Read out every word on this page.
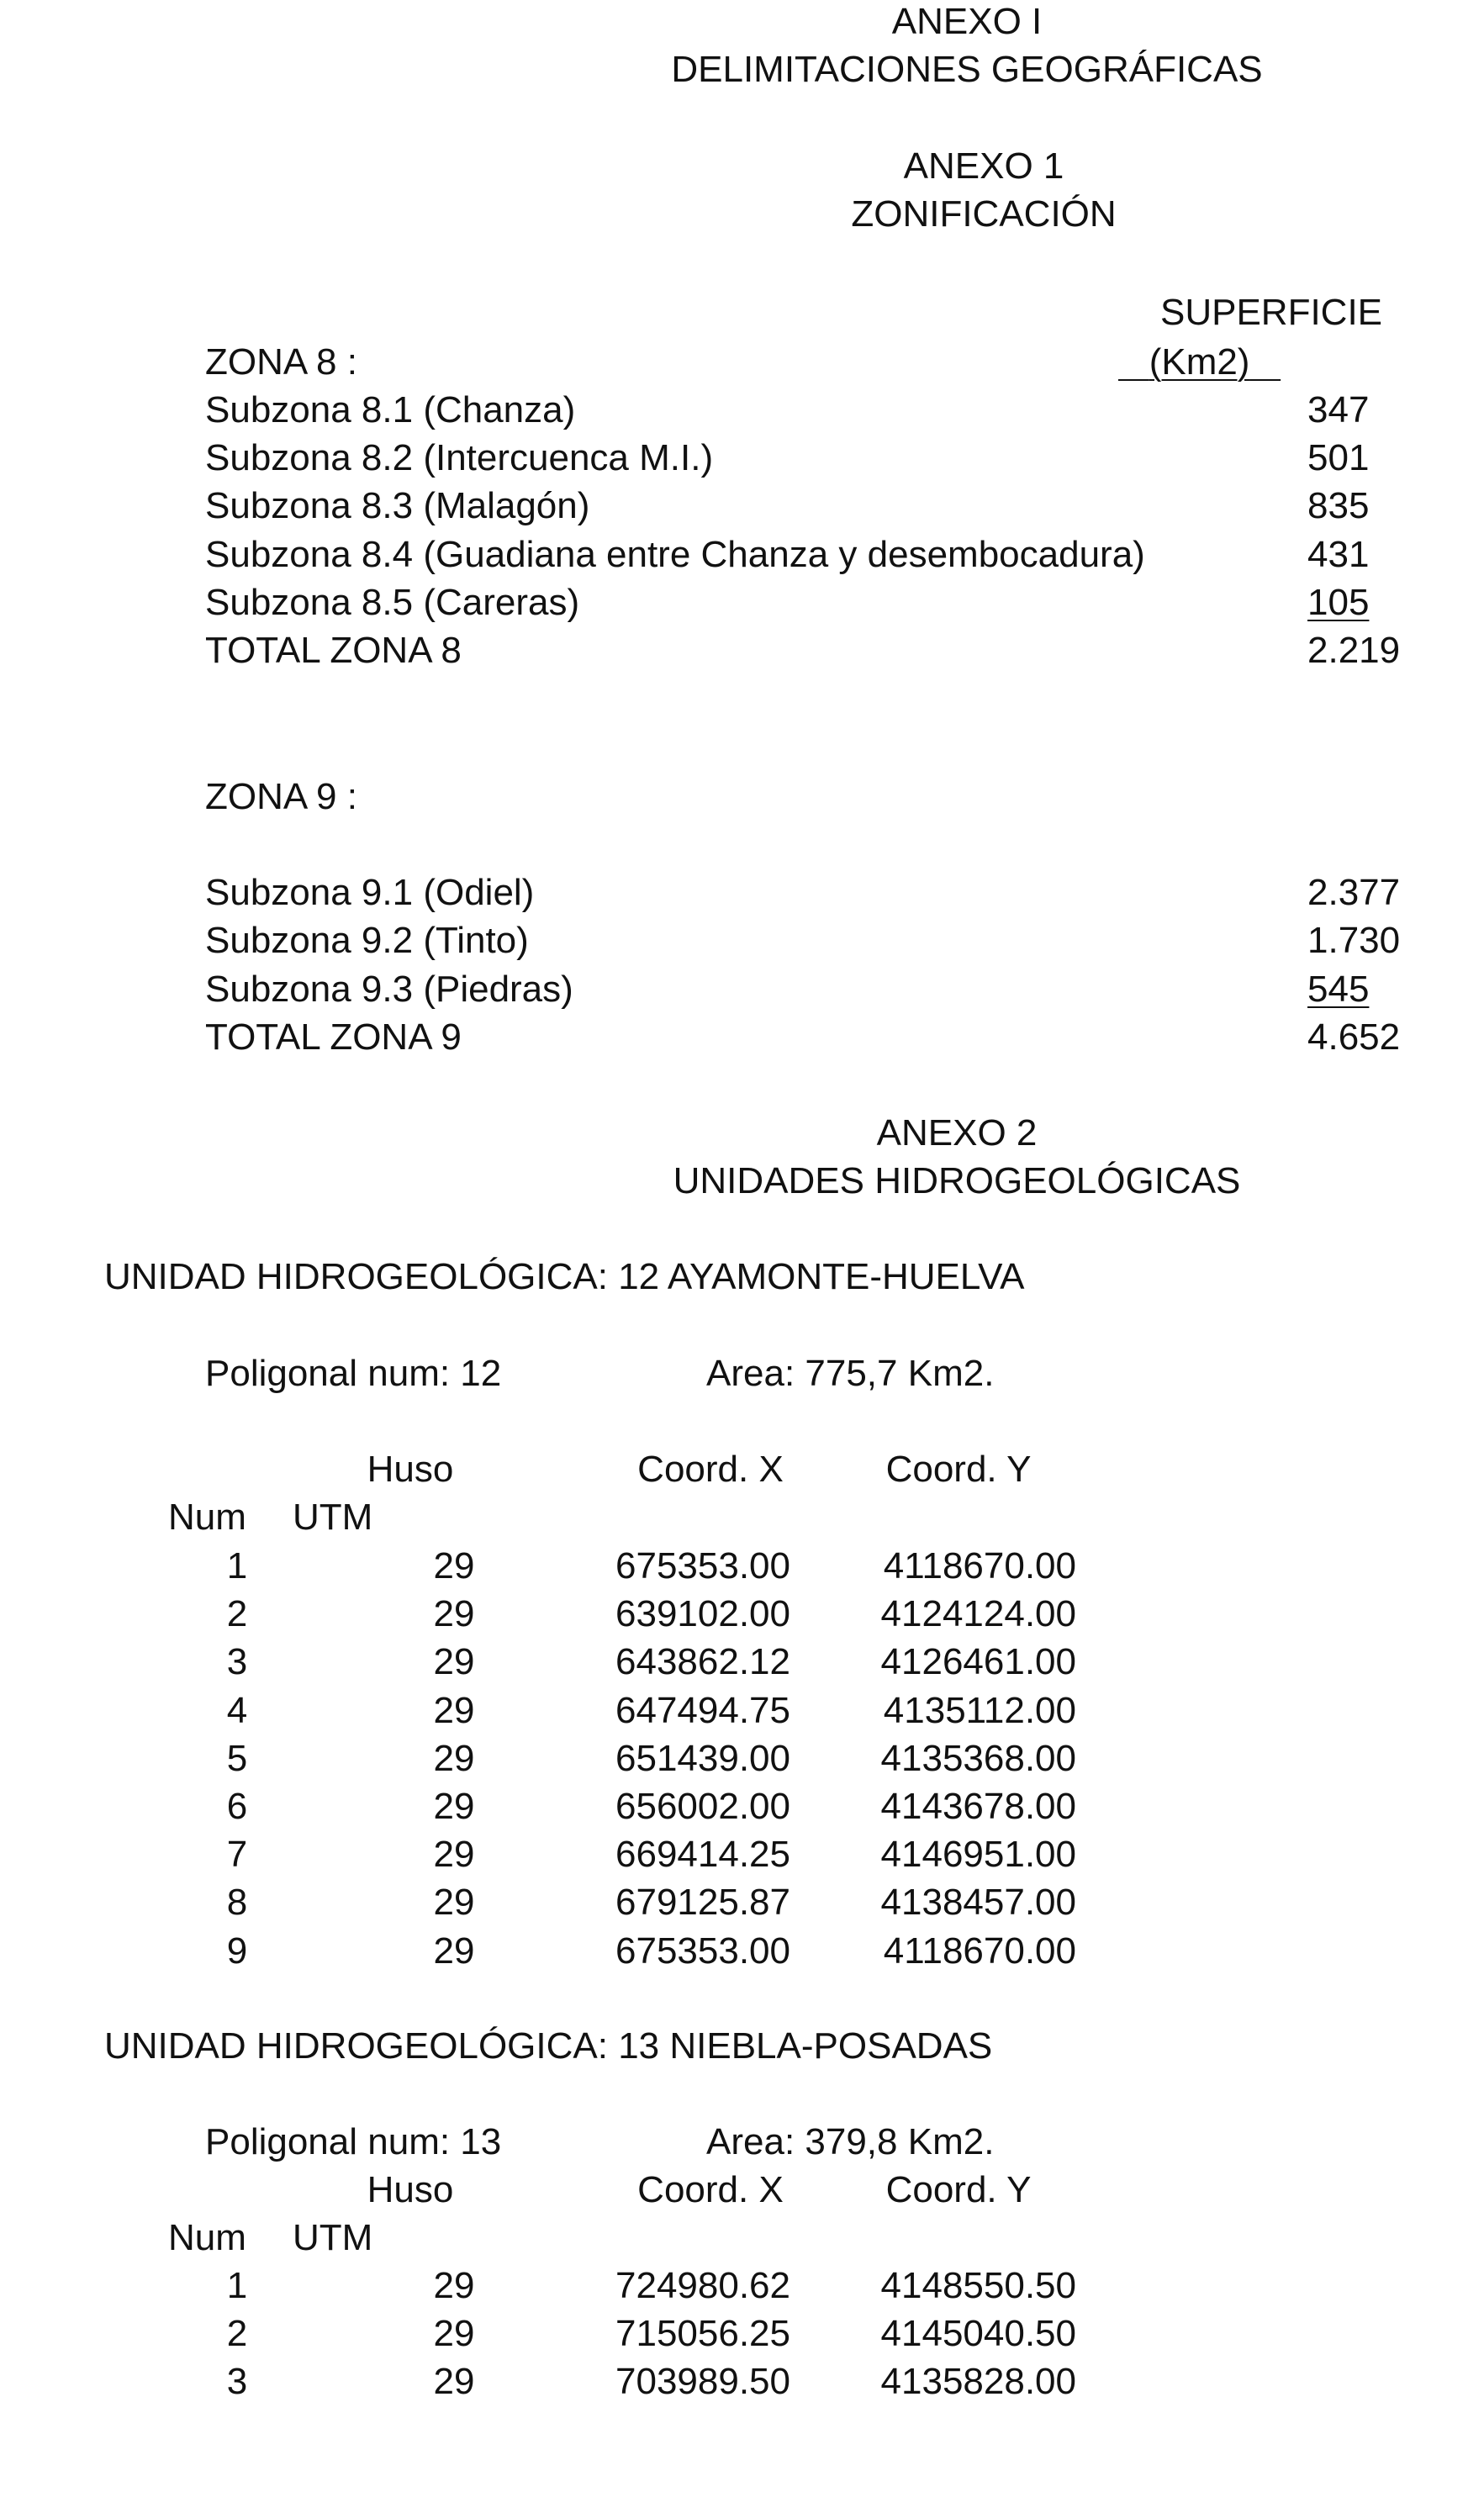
ANEXO I
DELIMITACIONES GEOGRÁFICAS
ANEXO 1
ZONIFICACIÓN
SUPERFICIE
(Km2)
ZONA 8 :
Subzona 8.1 (Chanza)	347
Subzona 8.2 (Intercuenca M.I.)	501
Subzona 8.3 (Malagón)	835
Subzona 8.4 (Guadiana entre Chanza y desembocadura)	431
Subzona 8.5 (Careras)	105
TOTAL ZONA 8	2.219
ZONA 9 :
Subzona 9.1 (Odiel)	2.377
Subzona 9.2 (Tinto)	1.730
Subzona 9.3 (Piedras)	545
TOTAL ZONA 9	4.652
ANEXO 2
UNIDADES HIDROGEOLÓGICAS
UNIDAD HIDROGEOLÓGICA: 12 AYAMONTE-HUELVA
Poligonal num: 12	Area: 775,7 Km2.
Huso	Coord. X	Coord. Y
Num UTM
1	29	675353.00	4118670.00
2	29	639102.00 4124124.00
3	29	643862.12 4126461.00
4	29	647494.75	4135112.00
5	29	651439.00 4135368.00
6	29	656002.00 4143678.00
7	29	669414.25 4146951.00
8	29	679125.87 4138457.00
9	29	675353.00	4118670.00
UNIDAD HIDROGEOLÓGICA: 13 NIEBLA-POSADAS
Poligonal num: 13	Area: 379,8 Km2.
Huso	Coord. X	Coord. Y
Num UTM
1	29	724980.62 4148550.50
2	29	715056.25 4145040.50
3	29	703989.50 4135828.00
